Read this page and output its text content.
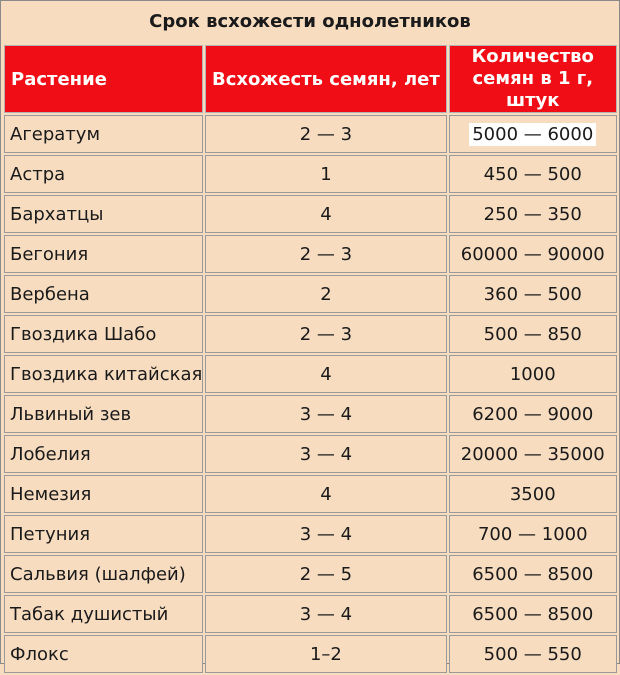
Срок всхожести однолетников
Растение	Всхожесть семян, лет	Количество семян в 1 г, штук
Агератум	2 — 3	5000 — 6000
Астра	1	450 — 500
Бархатцы	4	250 — 350
Бегония	2 — 3	60000 — 90000
Вербена	2	360 — 500
Гвоздика Шабо	2 — 3	500 — 850
Гвоздика китайская	4	1000
Львиный зев	3 — 4	6200 — 9000
Лобелия	3 — 4	20000 — 35000
Немезия	4	3500
Петуния	3 — 4	700 — 1000
Сальвия (шалфей)	2 — 5	6500 — 8500
Табак душистый	3 — 4	6500 — 8500
Флокс	1–2	500 — 550
